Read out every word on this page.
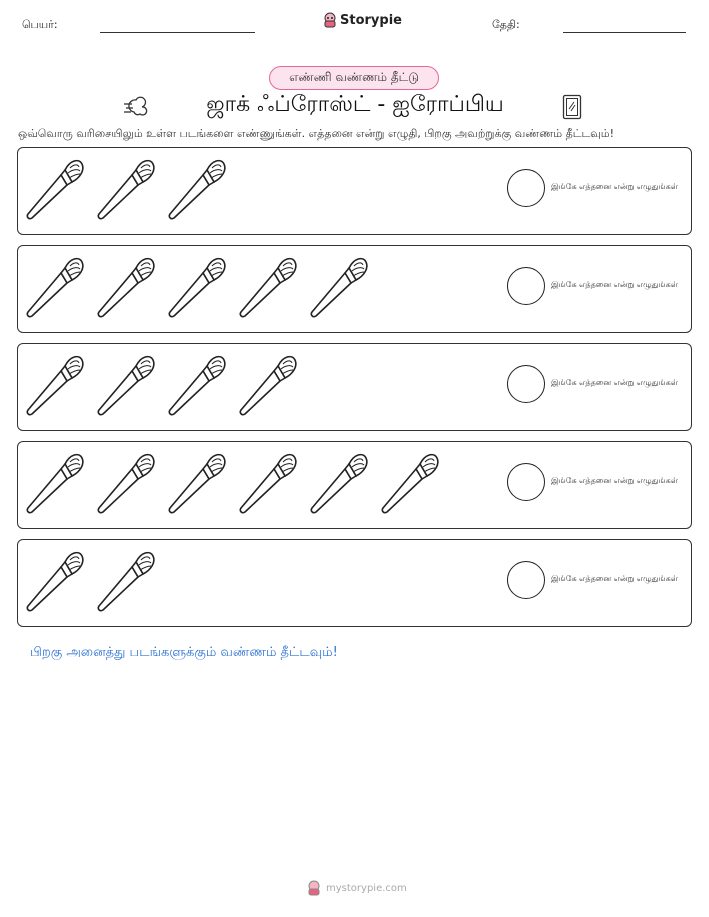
பெயர்:	Storypie	தேதி:
எண்ணி வண்ணம் தீட்டு
ஜாக் ஃப்ரோஸ்ட் - ஐரோப்பிய
ஒவ்வொரு வரிசையிலும் உள்ள படங்களை எண்ணுங்கள். எத்தனை என்று எழுதி, பிறகு அவற்றுக்கு வண்ணம் தீட்டவும்!
இங்கே எத்தனை என்று எழுதுங்கள்
இங்கே எத்தனை என்று எழுதுங்கள்
இங்கே எத்தனை என்று எழுதுங்கள்
இங்கே எத்தனை என்று எழுதுங்கள்
இங்கே எத்தனை என்று எழுதுங்கள்
பிறகு அனைத்து படங்களுக்கும் வண்ணம் தீட்டவும்!
mystorypie.com
